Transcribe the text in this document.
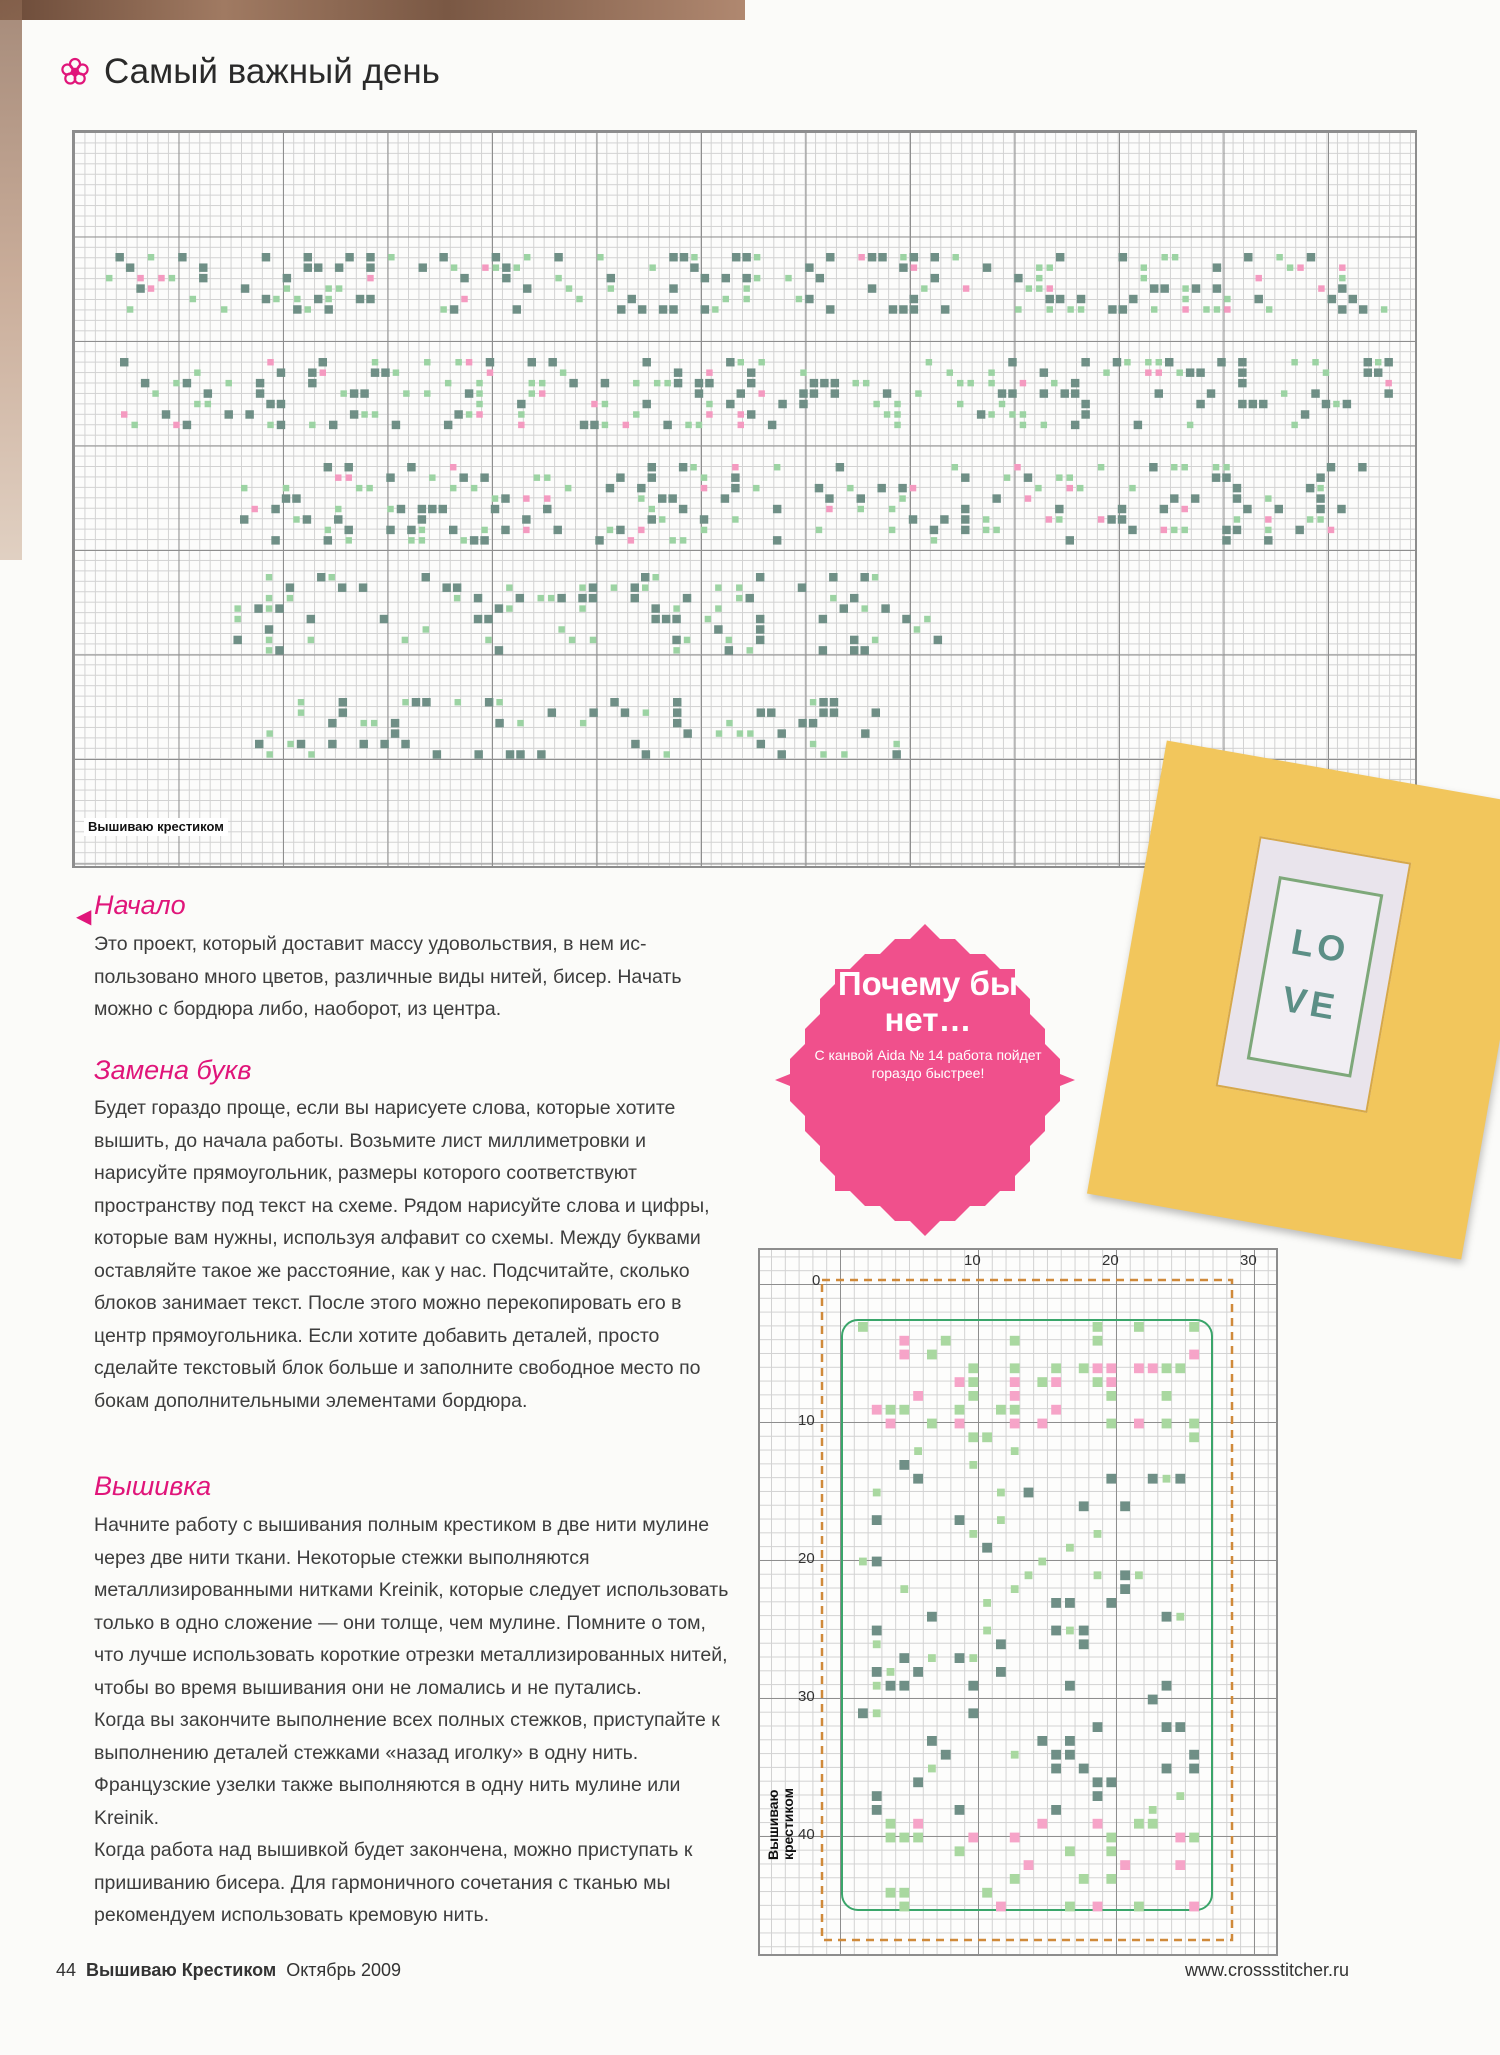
Самый важный день
Вышиваю крестиком
◀ Начало

Это проект, который доставит массу удовольствия, в нем использовано много цветов, различные виды нитей, бисер. Начать можно с бордюра либо, наоборот, из центра.

Замена букв

Будет гораздо проще, если вы нарисуете слова, которые хотите вышить, до начала работы. Возьмите лист миллиметровки и нарисуйте прямоугольник, размеры которого соответствуют пространству под текст на схеме. Рядом нарисуйте слова и цифры, которые вам нужны, используя алфавит со схемы. Между буквами оставляйте такое же расстояние, как у нас. Подсчитайте, сколько блоков занимает текст. После этого можно перекопировать его в центр прямоугольника. Если хотите добавить деталей, просто сделайте текстовый блок больше и заполните свободное место по бокам дополнительными элементами бордюра.

Вышивка

Начните работу с вышивания полным крестиком в две нити мулине через две нити ткани. Некоторые стежки выполняются металлизированными нитками Kreinik, которые следует использовать только в одно сложение — они толще, чем мулине. Помните о том, что лучше использовать короткие отрезки металлизированных нитей, чтобы во время вышивания они не ломались и не путались.

Когда вы закончите выполнение всех полных стежков, приступайте к выполнению деталей стежками «назад иголку» в одну нить. Французские узелки также выполняются в одну нить мулине или Kreinik.

Когда работа над вышивкой будет закончена, можно приступать к пришиванию бисера. Для гармоничного сочетания с тканью мы рекомендуем использовать кремовую нить.

LO
VE
Почему бы нет…
С канвой Aida № 14 работа пойдет гораздо быстрее!
0
10	20	30
10
20
30
40
Вышиваю крестиком
44 Вышиваю Крестиком Октябрь 2009	www.crossstitcher.ru
